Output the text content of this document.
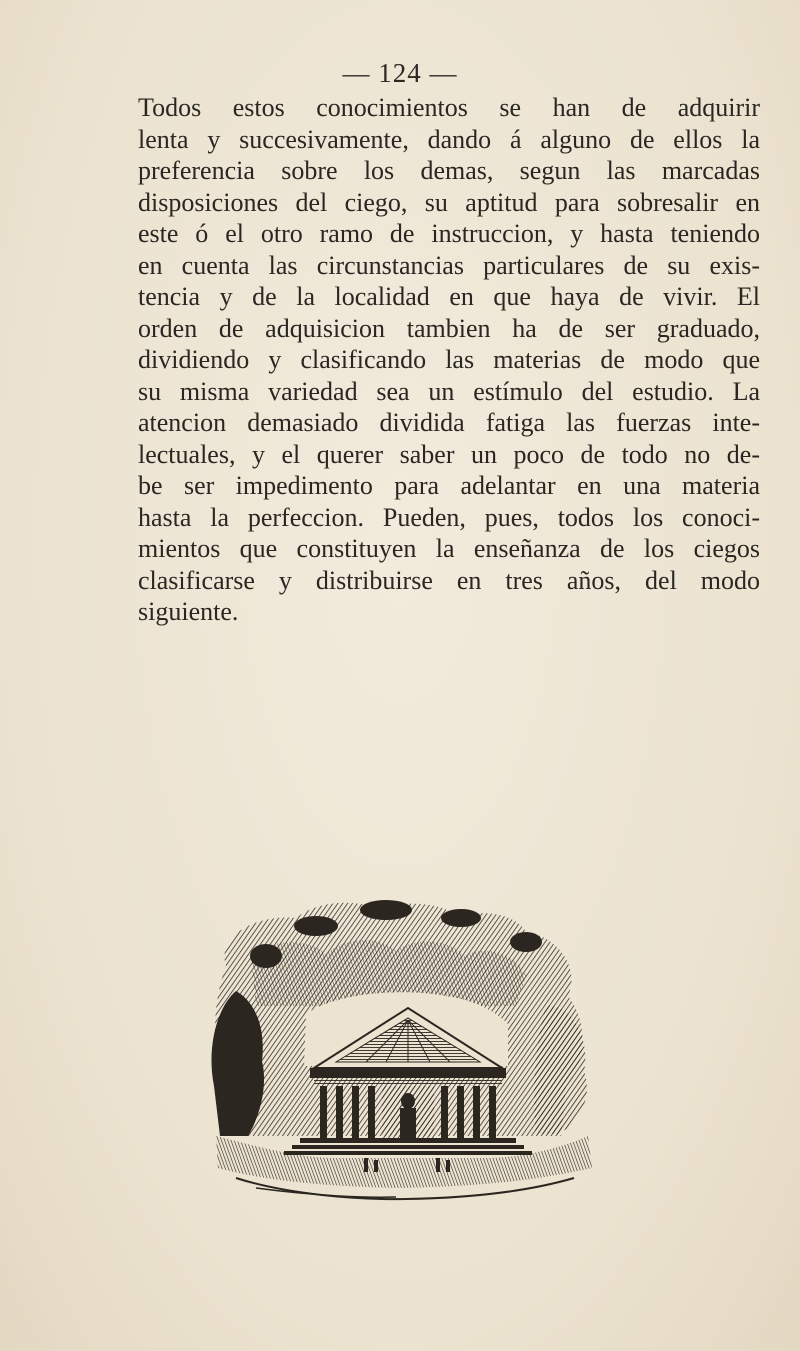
— 124 —
Todos estos conocimientos se han de adquirir
lenta y succesivamente, dando á alguno de ellos la
preferencia sobre los demas, segun las marcadas
disposiciones del ciego, su aptitud para sobresalir en
este ó el otro ramo de instruccion, y hasta teniendo
en cuenta las circunstancias particulares de su exis-
tencia y de la localidad en que haya de vivir. El
orden de adquisicion tambien ha de ser graduado,
dividiendo y clasificando las materias de modo que
su misma variedad sea un estímulo del estudio. La
atencion demasiado dividida fatiga las fuerzas inte-
lectuales, y el querer saber un poco de todo no de-
be ser impedimento para adelantar en una materia
hasta la perfeccion. Pueden, pues, todos los conoci-
mientos que constituyen la enseñanza de los ciegos
clasificarse y distribuirse en tres años, del modo
siguiente.
